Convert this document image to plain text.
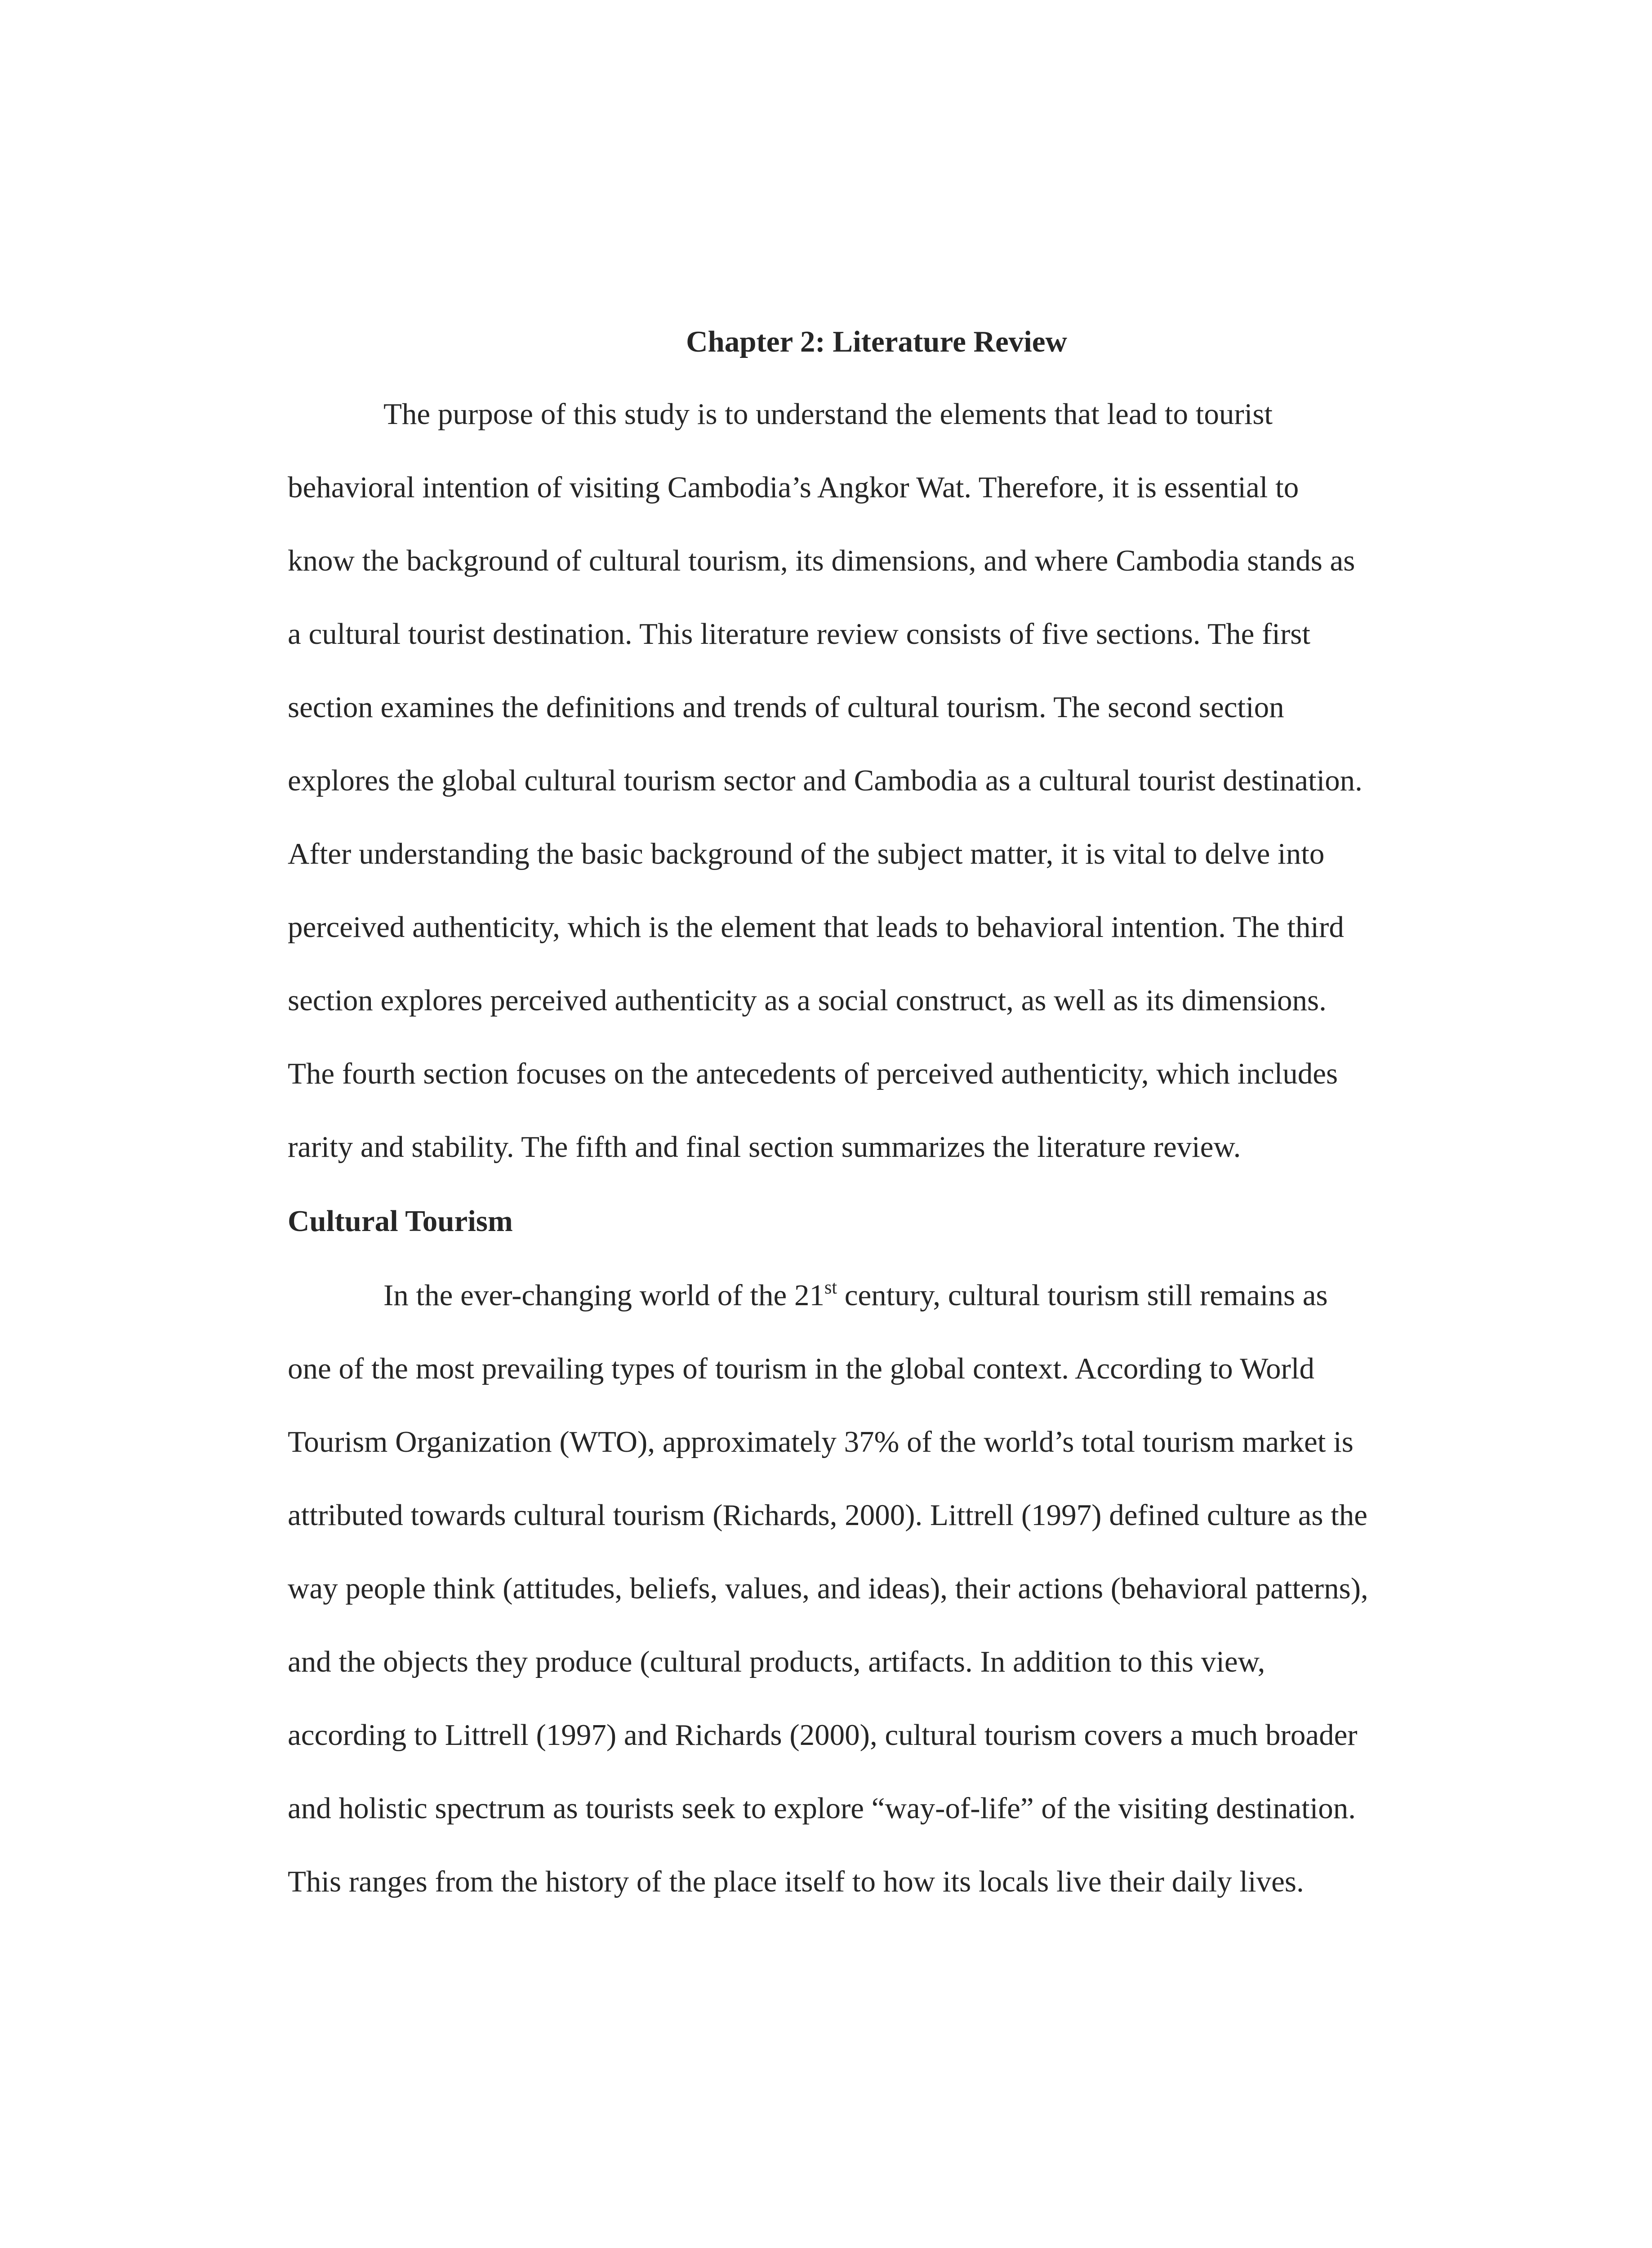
Chapter 2: Literature Review
The purpose of this study is to understand the elements that lead to tourist
behavioral intention of visiting Cambodia’s Angkor Wat. Therefore, it is essential to
know the background of cultural tourism, its dimensions, and where Cambodia stands as
a cultural tourist destination. This literature review consists of five sections. The first
section examines the definitions and trends of cultural tourism. The second section
explores the global cultural tourism sector and Cambodia as a cultural tourist destination.
After understanding the basic background of the subject matter, it is vital to delve into
perceived authenticity, which is the element that leads to behavioral intention. The third
section explores perceived authenticity as a social construct, as well as its dimensions.
The fourth section focuses on the antecedents of perceived authenticity, which includes
rarity and stability. The fifth and final section summarizes the literature review.
Cultural Tourism
In the ever-changing world of the 21st century, cultural tourism still remains as
one of the most prevailing types of tourism in the global context. According to World
Tourism Organization (WTO), approximately 37% of the world’s total tourism market is
attributed towards cultural tourism (Richards, 2000). Littrell (1997) defined culture as the
way people think (attitudes, beliefs, values, and ideas), their actions (behavioral patterns),
and the objects they produce (cultural products, artifacts. In addition to this view,
according to Littrell (1997) and Richards (2000), cultural tourism covers a much broader
and holistic spectrum as tourists seek to explore “way-of-life” of the visiting destination.
This ranges from the history of the place itself to how its locals live their daily lives.
